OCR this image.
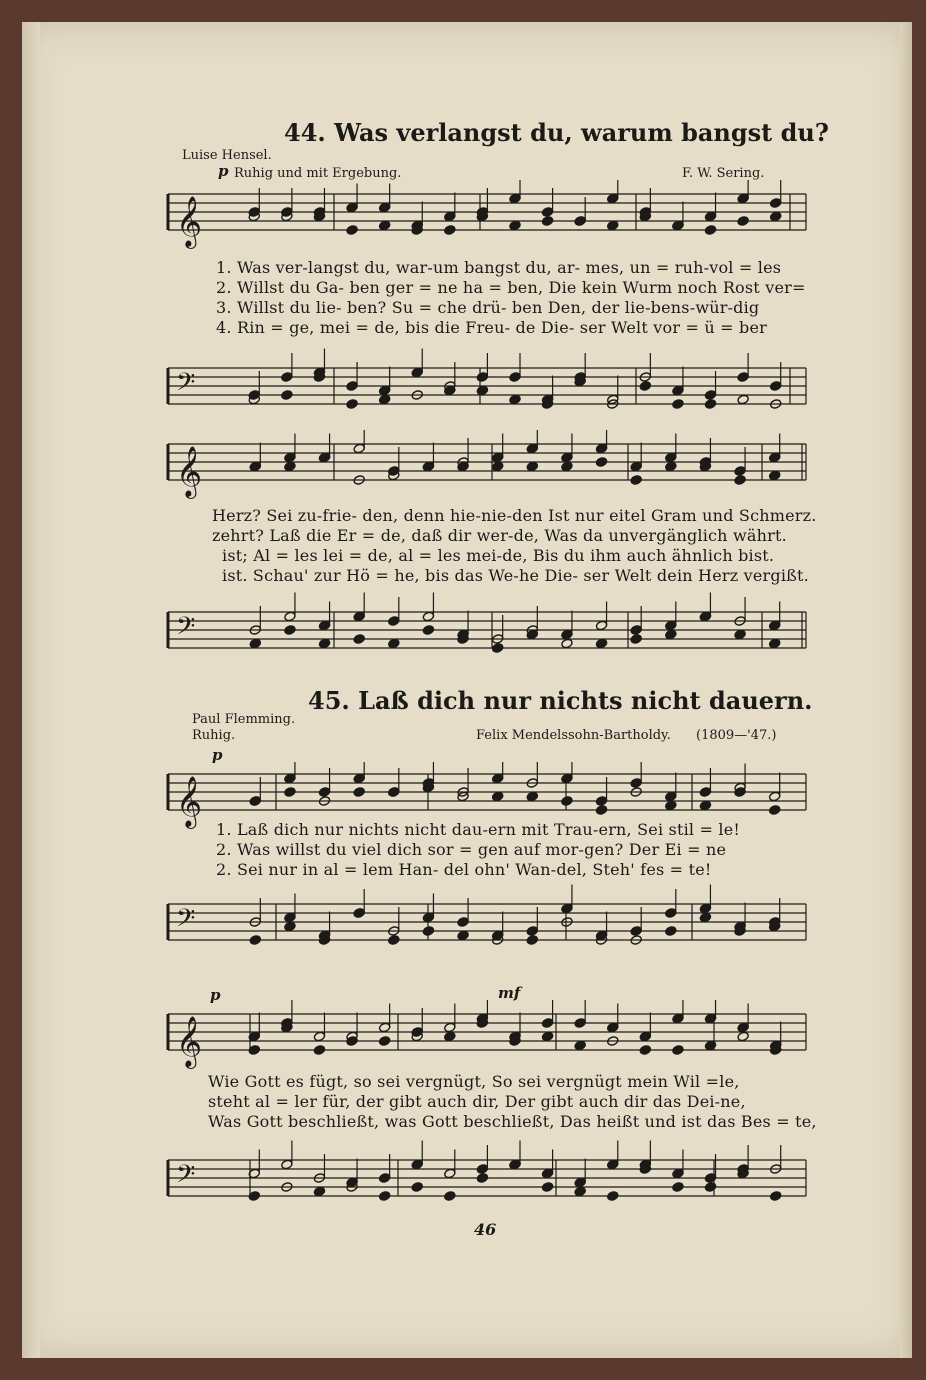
44. Was verlangst du, warum bangst du?
Luise Hensel.
p Ruhig und mit Ergebung.	F. W. Sering.
𝄞
1. Was ver-langst du, war-um bangst du, ar- mes, un = ruh-vol = les
2. Willst du Ga- ben ger = ne ha = ben, Die kein Wurm noch Rost ver=
3. Willst du lie- ben? Su = che drü- ben Den, der lie-bens-wür-dig
4. Rin = ge, mei = de, bis die Freu- de Die- ser Welt vor = ü = ber
𝄢
𝄞
Herz? Sei zu-frie- den, denn hie-nie-den Ist nur eitel Gram und Schmerz.
zehrt? Laß die Er = de, daß dir wer-de, Was da unvergänglich währt.
ist; Al = les lei = de, al = les mei-de, Bis du ihm auch ähnlich bist.
ist. Schau' zur Hö = he, bis das We-he Die- ser Welt dein Herz vergißt.
𝄢
45. Laß dich nur nichts nicht dauern.
Paul Flemming.
Ruhig.	Felix Mendelssohn-Bartholdy. (1809—'47.)
p
𝄞
1. Laß dich nur nichts nicht dau-ern mit Trau-ern, Sei stil = le!
2. Was willst du viel dich sor = gen auf mor-gen? Der Ei = ne
2. Sei nur in al = lem Han- del ohn' Wan-del, Steh' fes = te!
𝄢
p	mf
𝄞
Wie Gott es fügt, so sei vergnügt, So sei vergnügt mein Wil =le,
steht al = ler für, der gibt auch dir, Der gibt auch dir das Dei-ne,
Was Gott beschließt, was Gott beschließt, Das heißt und ist das Bes = te,
𝄢
46
